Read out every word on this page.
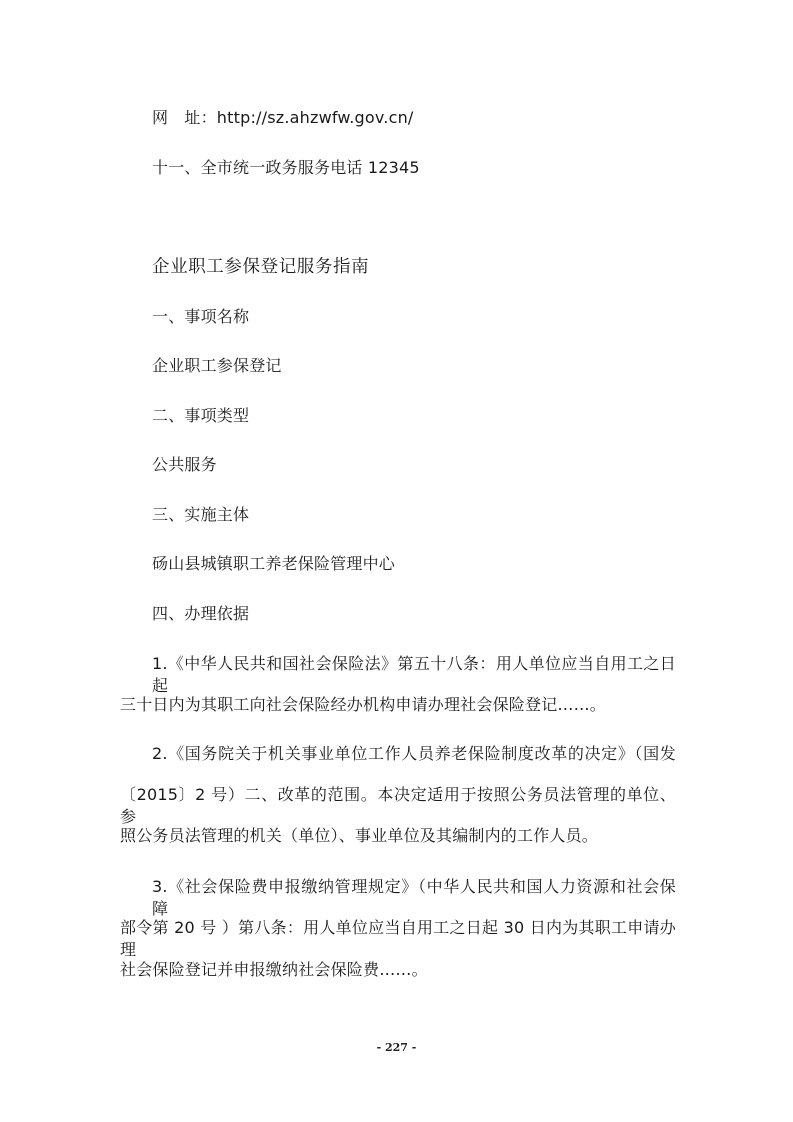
网　址：http://sz.ahzwfw.gov.cn/
十一、全市统一政务服务电话 12345
企业职工参保登记服务指南
一、事项名称
企业职工参保登记
二、事项类型
公共服务
三、实施主体
砀山县城镇职工养老保险管理中心
四、办理依据
1.《中华人民共和国社会保险法》第五十八条：用人单位应当自用工之日起
三十日内为其职工向社会保险经办机构申请办理社会保险登记……。
2.《国务院关于机关事业单位工作人员养老保险制度改革的决定》（国发
〔2015〕2 号）二、改革的范围。本决定适用于按照公务员法管理的单位、参
照公务员法管理的机关（单位）、事业单位及其编制内的工作人员。
3.《社会保险费申报缴纳管理规定》（中华人民共和国人力资源和社会保障
部令第 20 号 ）第八条：用人单位应当自用工之日起 30 日内为其职工申请办理
社会保险登记并申报缴纳社会保险费……。
- 227 -
